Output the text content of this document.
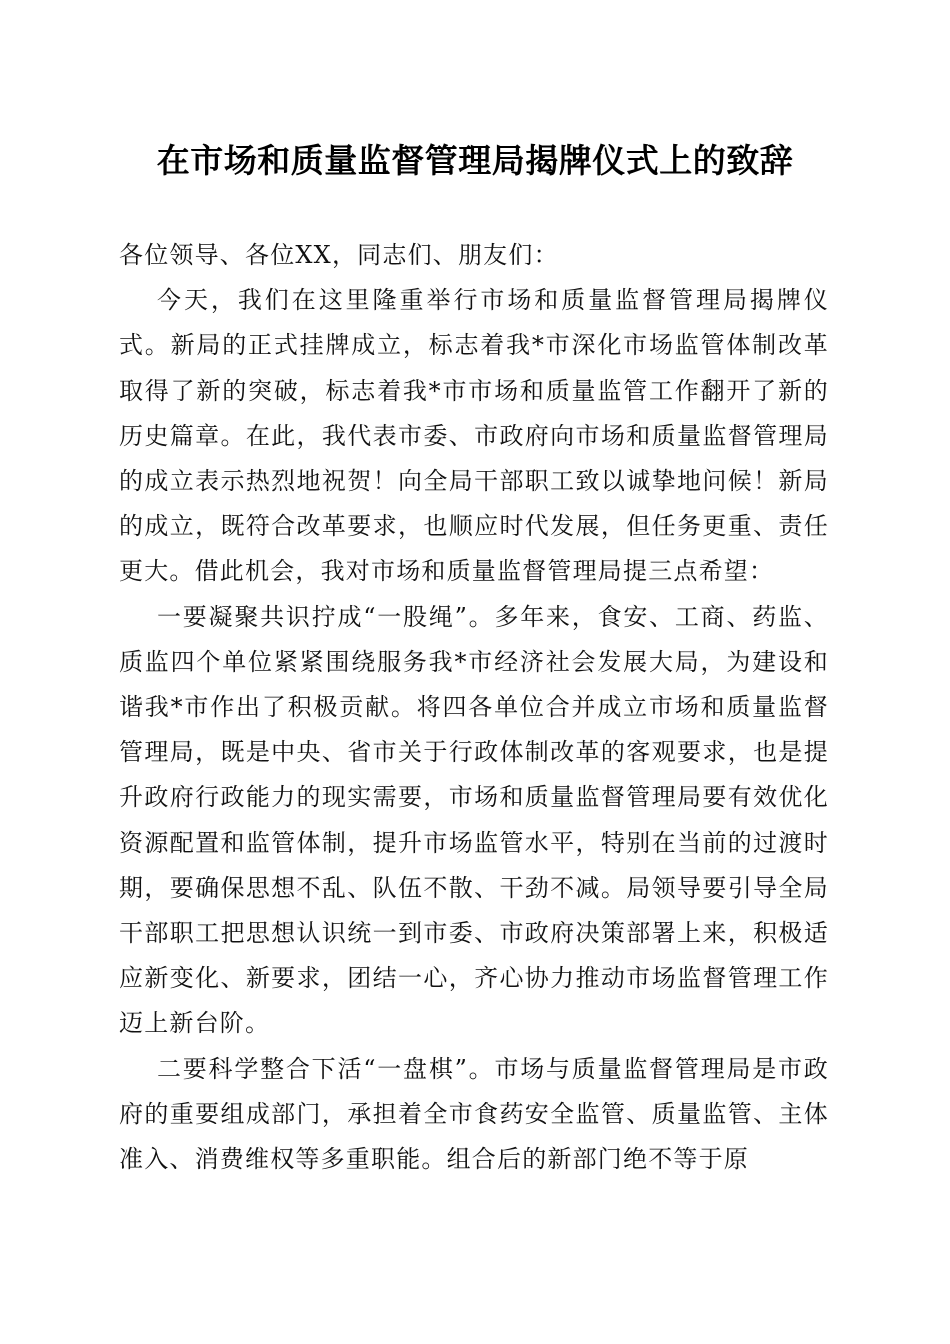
在市场和质量监督管理局揭牌仪式上的致辞

各位领导、各位XX，同志们、朋友们：

今天，我们在这里隆重举行市场和质量监督管理局揭牌仪式。新局的正式挂牌成立，标志着我*市深化市场监管体制改革取得了新的突破，标志着我*市市场和质量监管工作翻开了新的历史篇章。在此，我代表市委、市政府向市场和质量监督管理局的成立表示热烈地祝贺！向全局干部职工致以诚挚地问候！新局的成立，既符合改革要求，也顺应时代发展，但任务更重、责任更大。借此机会，我对市场和质量监督管理局提三点希望：

一要凝聚共识拧成“一股绳”。多年来，食安、工商、药监、质监四个单位紧紧围绕服务我*市经济社会发展大局，为建设和谐我*市作出了积极贡献。将四各单位合并成立市场和质量监督管理局，既是中央、省市关于行政体制改革的客观要求，也是提升政府行政能力的现实需要，市场和质量监督管理局要有效优化资源配置和监管体制，提升市场监管水平，特别在当前的过渡时期，要确保思想不乱、队伍不散、干劲不减。局领导要引导全局干部职工把思想认识统一到市委、市政府决策部署上来，积极适应新变化、新要求，团结一心，齐心协力推动市场监督管理工作迈上新台阶。

二要科学整合下活“一盘棋”。市场与质量监督管理局是市政府的重要组成部门，承担着全市食药安全监管、质量监管、主体准入、消费维权等多重职能。组合后的新部门绝不等于原
